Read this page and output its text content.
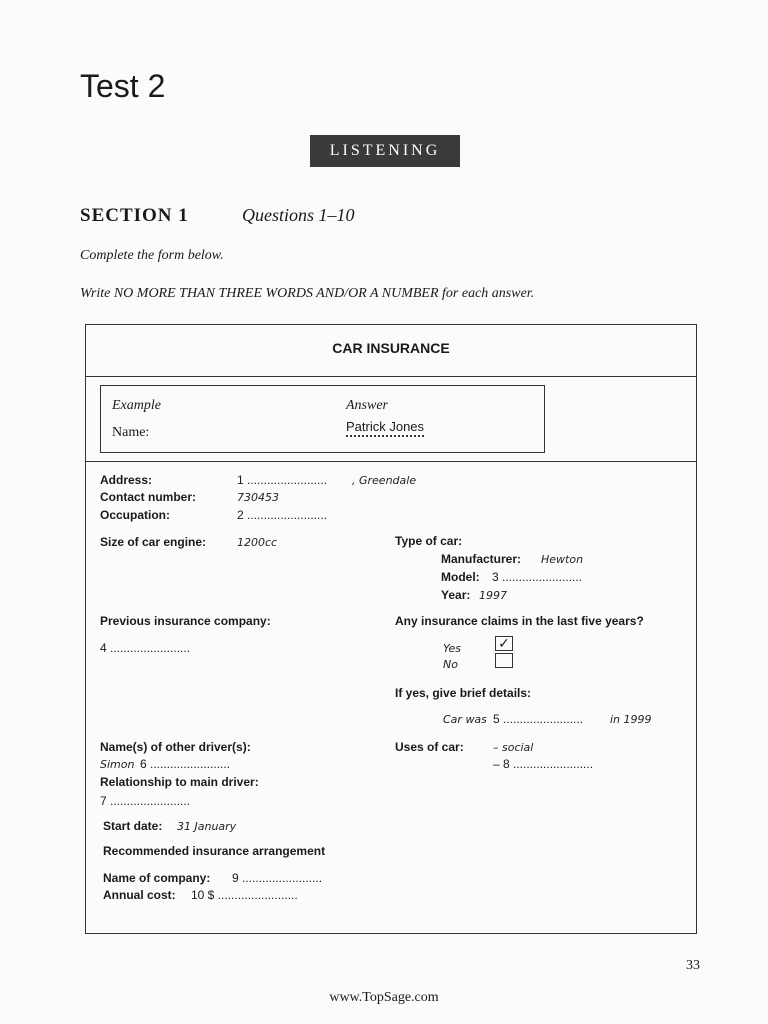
Test 2
LISTENING
SECTION 1	Questions 1–10
Complete the form below.
Write NO MORE THAN THREE WORDS AND/OR A NUMBER for each answer.
CAR INSURANCE
Example	Answer
Name:	Patrick Jones
Address:	1 ........................ , Greendale
Contact number:	730453
Occupation:	2 ........................
Size of car engine:	1200cc	Type of car:
Manufacturer: Hewton
Model: 3 ........................
Year: 1997
Previous insurance company:
4 ........................
Any insurance claims in the last five years?
Yes	✓
No
If yes, give brief details:
Car was 5 ........................ in 1999
Name(s) of other driver(s):
Simon 6 ........................
Relationship to main driver:
7 ........................
Uses of car:	– social
– 8 ........................
Start date: 31 January
Recommended insurance arrangement
Name of company: 9 ........................
Annual cost: 10 $ ........................
33
www.TopSage.com
